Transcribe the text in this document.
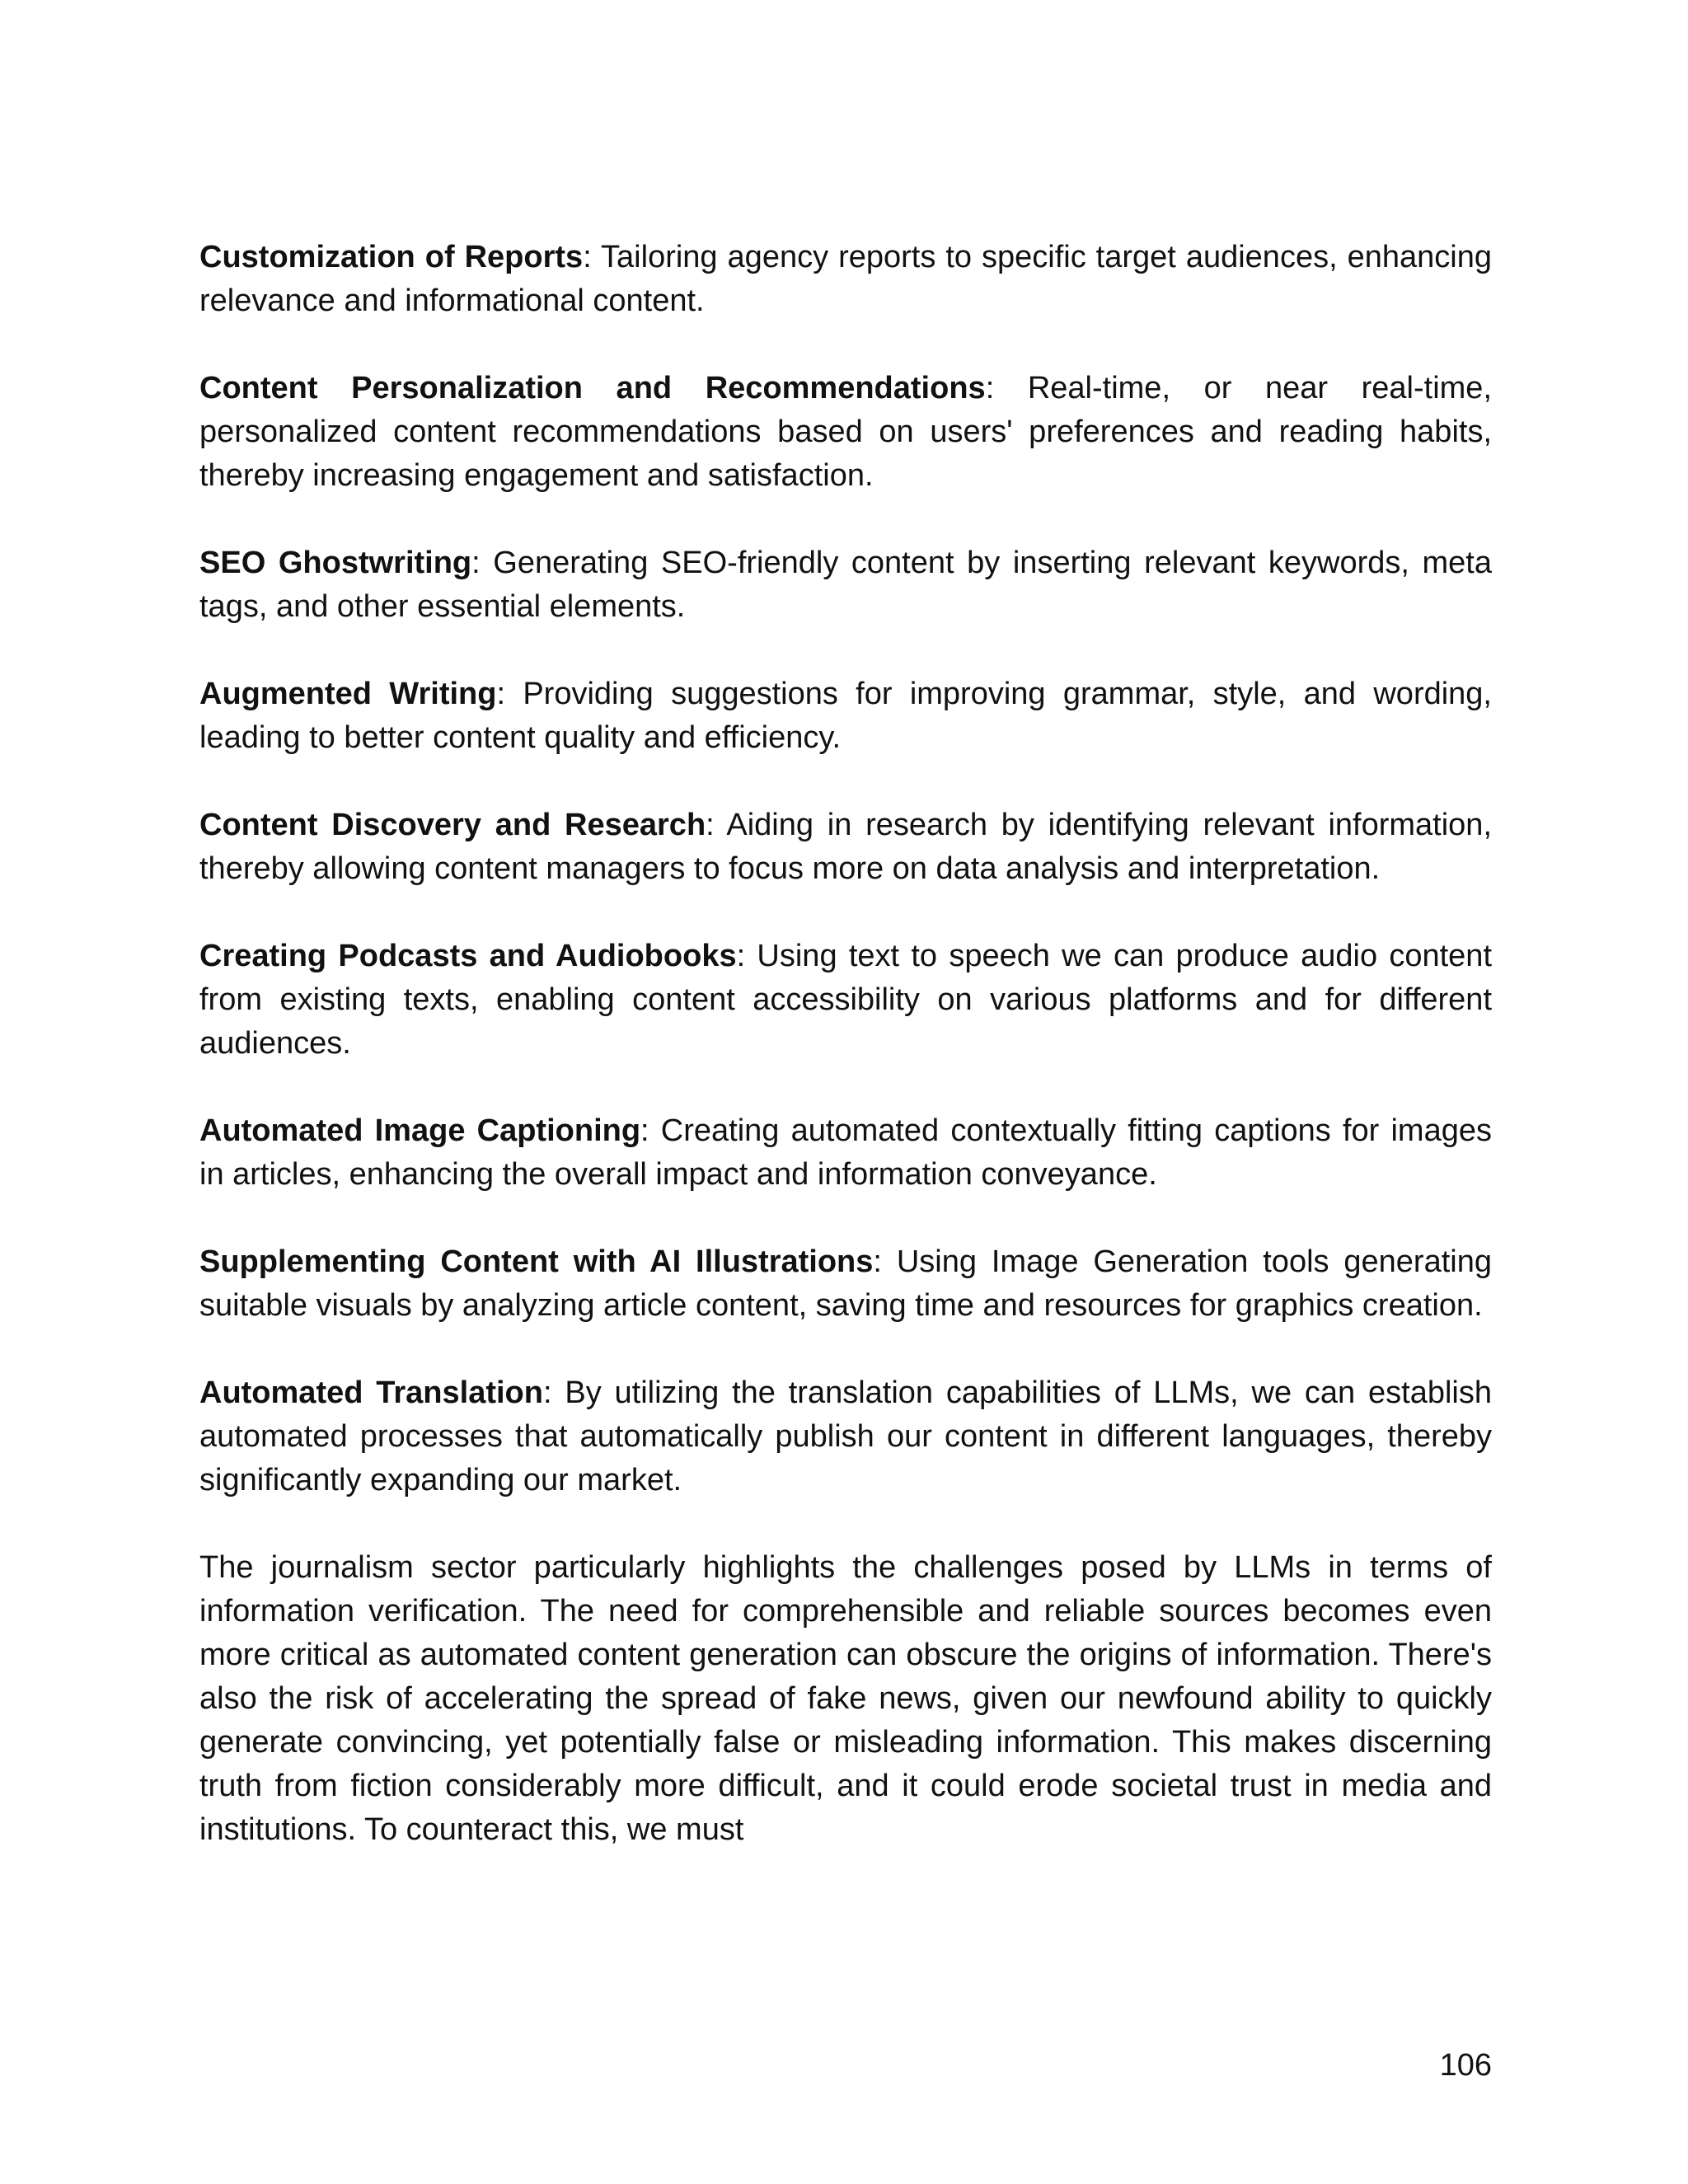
Customization of Reports: Tailoring agency reports to specific target audiences, enhancing relevance and informational content.

Content Personalization and Recommendations: Real-time, or near real-time, personalized content recommendations based on users' preferences and reading habits, thereby increasing engagement and satisfaction.

SEO Ghostwriting: Generating SEO-friendly content by inserting relevant keywords, meta tags, and other essential elements.

Augmented Writing: Providing suggestions for improving grammar, style, and wording, leading to better content quality and efficiency.

Content Discovery and Research: Aiding in research by identifying relevant information, thereby allowing content managers to focus more on data analysis and interpretation.

Creating Podcasts and Audiobooks: Using text to speech we can produce audio content from existing texts, enabling content accessibility on various platforms and for different audiences.

Automated Image Captioning: Creating automated contextually fitting captions for images in articles, enhancing the overall impact and information conveyance.

Supplementing Content with AI Illustrations: Using Image Generation tools generating suitable visuals by analyzing article content, saving time and resources for graphics creation.

Automated Translation: By utilizing the translation capabilities of LLMs, we can establish automated processes that automatically publish our content in different languages, thereby significantly expanding our market.

The journalism sector particularly highlights the challenges posed by LLMs in terms of information verification. The need for comprehensible and reliable sources becomes even more critical as automated content generation can obscure the origins of information. There's also the risk of accelerating the spread of fake news, given our newfound ability to quickly generate convincing, yet potentially false or misleading information. This makes discerning truth from fiction considerably more difficult, and it could erode societal trust in media and institutions. To counteract this, we must

106
